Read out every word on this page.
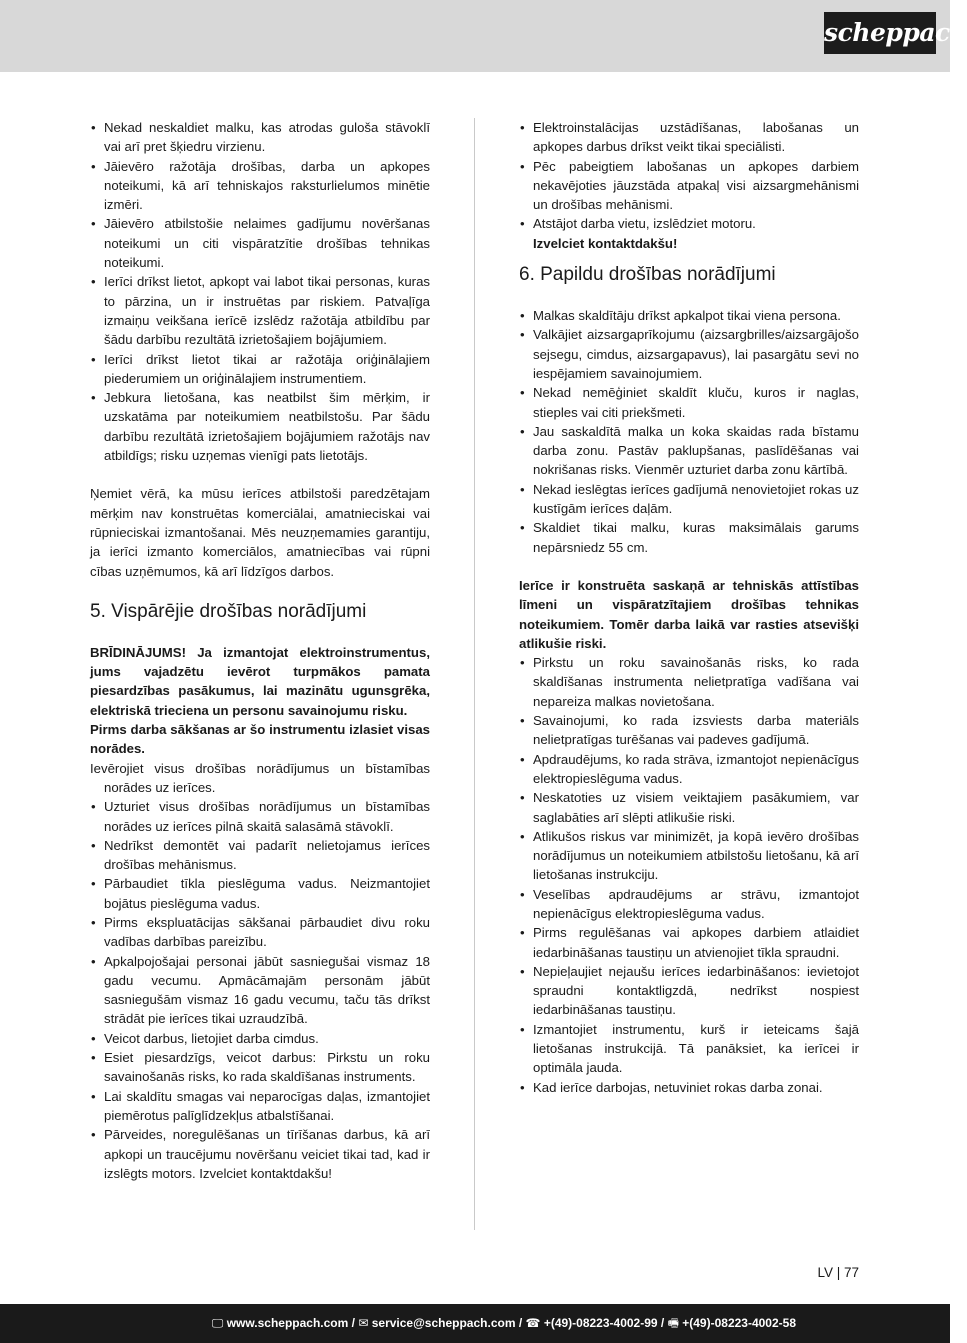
scheppach
• Nekad neskaldiet malku, kas atrodas guloša stāvoklī vai arī pret šķiedru virzienu.
• Jāievēro ražotāja drošības, darba un apkopes noteikumi, kā arī tehniskajos raksturlielumos minētie izmēri.
• Jāievēro atbilstošie nelaimes gadījumu novēršanas noteikumi un citi vispāratzītie drošības tehnikas noteikumi.
• Ierīci drīkst lietot, apkopt vai labot tikai personas, kuras to pārzina, un ir instruētas par riskiem. Patvaļīga izmaiņu veikšana ierīcē izslēdz ražotāja atbildību par šādu darbību rezultātā izrietošajiem bojājumiem.
• Ierīci drīkst lietot tikai ar ražotāja oriģinālajiem piederumiem un oriģinālajiem instrumentiem.
• Jebkura lietošana, kas neatbilst šim mērķim, ir uzskatāma par noteikumiem neatbilstošu. Par šādu darbību rezultātā izrietošajiem bojājumiem ražotājs nav atbildīgs; risku uzņemas vienīgi pats lietotājs.

Ņemiet vērā, ka mūsu ierīces atbilstoši paredzētajam mērķim nav konstruētas komerciālai, amatnieciskai vai rūpnieciskai izmantošanai. Mēs neuzņemamies garantiju, ja ierīci izmanto komerciālos, amatniecības vai rūpni cības uzņēmumos, kā arī līdzīgos darbos.

5. Vispārējie drošības norādījumi

BRĪDINĀJUMS! Ja izmantojat elektroinstrumentus, jums vajadzētu ievērot turpmākos pamata piesardzības pasākumus, lai mazinātu ugunsgrēka, elektriskā trieciena un personu savainojumu risku.

Pirms darba sākšanas ar šo instrumentu izlasiet visas norādes.

Ievērojiet visus drošības norādījumus un bīstamības norādes uz ierīces.

• Uzturiet visus drošības norādījumus un bīstamības norādes uz ierīces pilnā skaitā salasāmā stāvoklī.
• Nedrīkst demontēt vai padarīt nelietojamus ierīces drošības mehānismus.
• Pārbaudiet tīkla pieslēguma vadus. Neizmantojiet bojātus pieslēguma vadus.
• Pirms ekspluatācijas sākšanai pārbaudiet divu roku vadības darbības pareizību.
• Apkalpojošajai personai jābūt sasniegušai vismaz 18 gadu vecumu. Apmācāmajām personām jābūt sasniegušām vismaz 16 gadu vecumu, taču tās drīkst strādāt pie ierīces tikai uzraudzībā.
• Veicot darbus, lietojiet darba cimdus.
• Esiet piesardzīgs, veicot darbus: Pirkstu un roku savainošanās risks, ko rada skaldīšanas instruments.
• Lai skaldītu smagas vai neparocīgas daļas, izmantojiet piemērotus palīglīdzekļus atbalstīšanai.
• Pārveides, noregulēšanas un tīrīšanas darbus, kā arī apkopi un traucējumu novēršanu veiciet tikai tad, kad ir izslēgts motors. Izvelciet kontaktdakšu!
• Elektroinstalācijas uzstādīšanas, labošanas un apkopes darbus drīkst veikt tikai speciālisti.
• Pēc pabeigtiem labošanas un apkopes darbiem nekavējoties jāuzstāda atpakaļ visi aizsargmehānismi un drošības mehānismi.
• Atstājot darba vietu, izslēdziet motoru.
Izvelciet kontaktdakšu!
6. Papildu drošības norādījumi
• Malkas skaldītāju drīkst apkalpot tikai viena persona.
• Valkājiet aizsargaprīkojumu (aizsargbrilles/aizsargājošo sejsegu, cimdus, aizsargapavus), lai pasargātu sevi no iespējamiem savainojumiem.
• Nekad nemēģiniet skaldīt kluču, kuros ir naglas, stieples vai citi priekšmeti.
• Jau saskaldītā malka un koka skaidas rada bīstamu darba zonu. Pastāv paklupšanas, paslīdēšanas vai nokrišanas risks. Vienmēr uzturiet darba zonu kārtībā.
• Nekad ieslēgtas ierīces gadījumā nenovietojiet rokas uz kustīgām ierīces daļām.
• Skaldiet tikai malku, kuras maksimālais garums nepārsniedz 55 cm.

Ierīce ir konstruēta saskaņā ar tehniskās attīstības līmeni un vispāratzītajiem drošības tehnikas noteikumiem. Tomēr darba laikā var rasties atsevišķi atlikušie riski.

• Pirkstu un roku savainošanās risks, ko rada skaldīšanas instrumenta nelietpratīga vadīšana vai nepareiza malkas novietošana.
• Savainojumi, ko rada izsviests darba materiāls nelietpratīgas turēšanas vai padeves gadījumā.
• Apdraudējums, ko rada strāva, izmantojot nepienācīgus elektropieslēguma vadus.
• Neskatoties uz visiem veiktajiem pasākumiem, var saglabāties arī slēpti atlikušie riski.
• Atlikušos riskus var minimizēt, ja kopā ievēro drošības norādījumus un noteikumiem atbilstošu lietošanu, kā arī lietošanas instrukciju.
• Veselības apdraudējums ar strāvu, izmantojot nepienācīgus elektropieslēguma vadus.
• Pirms regulēšanas vai apkopes darbiem atlaidiet iedarbināšanas taustiņu un atvienojiet tīkla spraudni.
• Nepieļaujiet nejaušu ierīces iedarbināšanos: ievietojot spraudni kontaktligzdā, nedrīkst nospiest iedarbināšanas taustiņu.
• Izmantojiet instrumentu, kurš ir ieteicams šajā lietošanas instrukcijā. Tā panāksiet, ka ierīcei ir optimāla jauda.
• Kad ierīce darbojas, netuviniet rokas darba zonai.
LV | 77
🖵 www.scheppach.com / ✉ service@scheppach.com / ☎ +(49)-08223-4002-99 / 🖷 +(49)-08223-4002-58
